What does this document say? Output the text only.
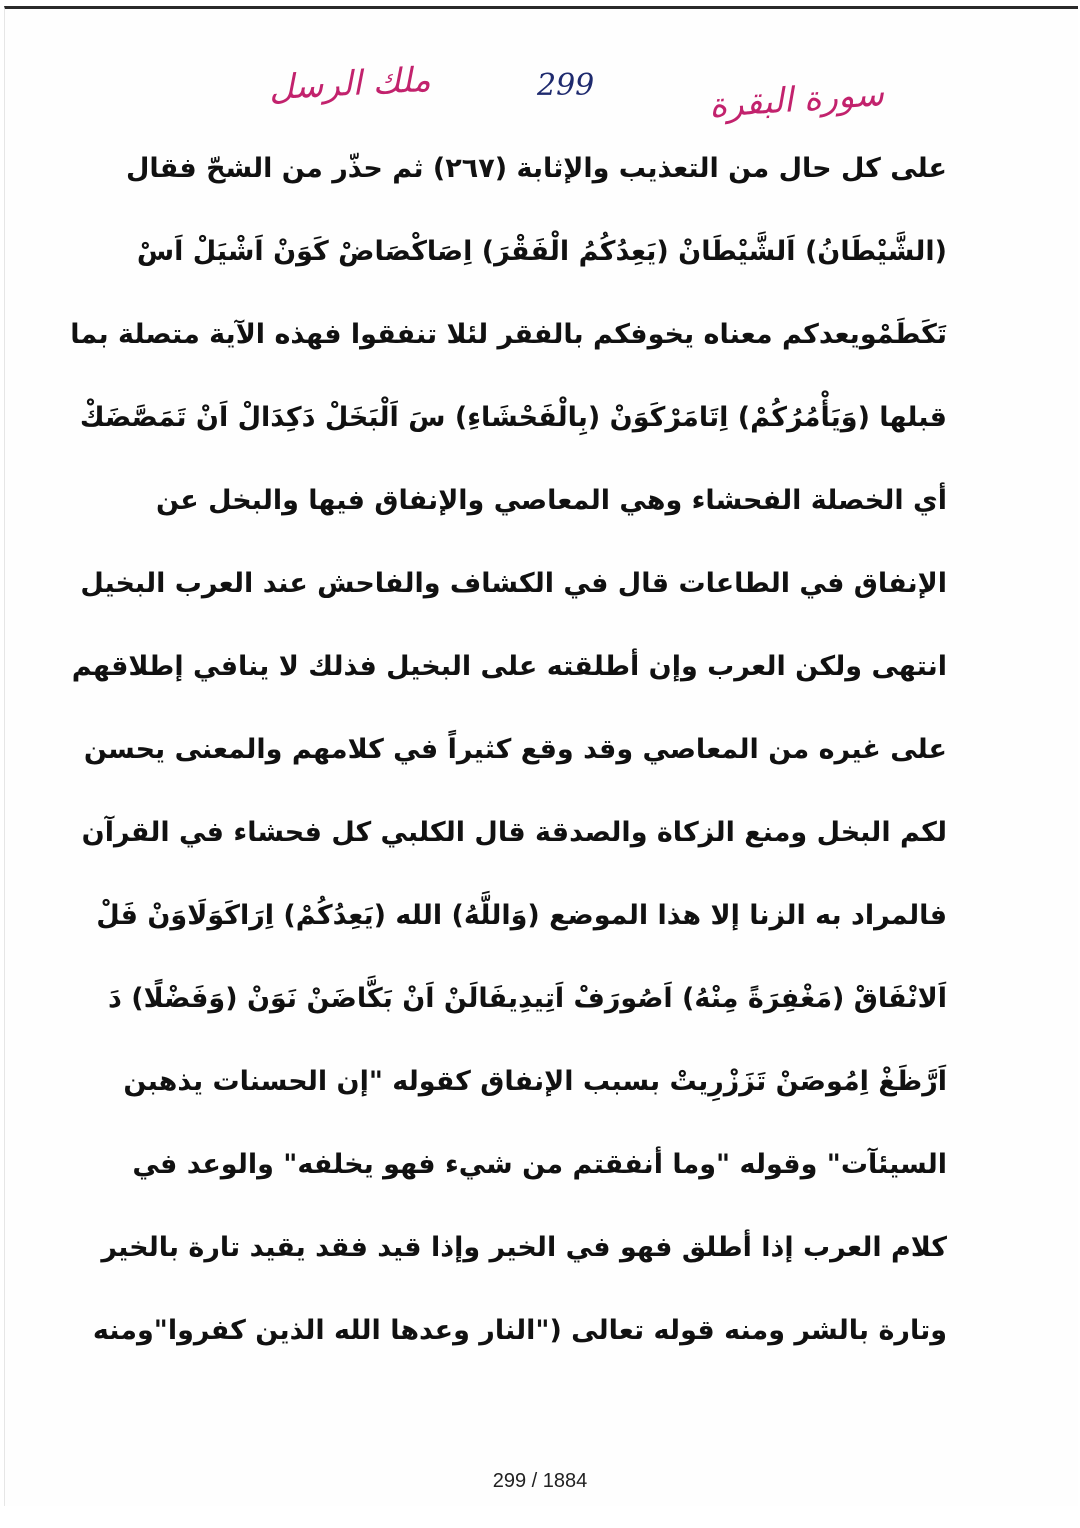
ملك الرسل	299	سورة البقرة
على كل حال من التعذيب والإثابة (٢٦٧) ثم حذّر من الشحّ فقال
(الشَّيْطَانُ) اَلشَّيْطَانْ (يَعِدُكُمُ الْفَقْرَ) اِصَاكْصَاضْ كَوَنْ اَشْيَلْ اَسْ
تَكَطَمْويعدكم معناه يخوفكم بالفقر لئلا تنفقوا فهذه الآية متصلة بما
قبلها (وَيَأْمُرُكُمْ) اِتَامَرْكَوَنْ (بِالْفَحْشَاءِ) سَ اَلْبَخَلْ دَكِدَالْ اَنْ تَمَصَّضَكْ
أي الخصلة الفحشاء وهي المعاصي والإنفاق فيها والبخل عن
الإنفاق في الطاعات قال في الكشاف والفاحش عند العرب البخيل
انتهى ولكن العرب وإن أطلقته على البخيل فذلك لا ينافي إطلاقهم
على غيره من المعاصي وقد وقع كثيراً في كلامهم والمعنى يحسن
لكم البخل ومنع الزكاة والصدقة قال الكلبي كل فحشاء في القرآن
فالمراد به الزنا إلا هذا الموضع (وَاللَّهُ) الله (يَعِدُكُمْ) اِرَاكَوَلَاوَنْ فَلْ
اَلانْفَاقْ (مَغْفِرَةً مِنْهُ) اَصُورَفْ اَتِيدِيفَالَنْ اَنْ بَكَّاضَنْ نَوَنْ (وَفَضْلًا) دَ
اَرَّظَغْ اِمُوصَنْ تَزَزْرِيتْ بسبب الإنفاق كقوله "إن الحسنات يذهبن
السيئآت" وقوله "وما أنفقتم من شيء فهو يخلفه" والوعد في
كلام العرب إذا أطلق فهو في الخير وإذا قيد فقد يقيد تارة بالخير
وتارة بالشر ومنه قوله تعالى ("النار وعدها الله الذين كفروا"ومنه
299 / 1884
